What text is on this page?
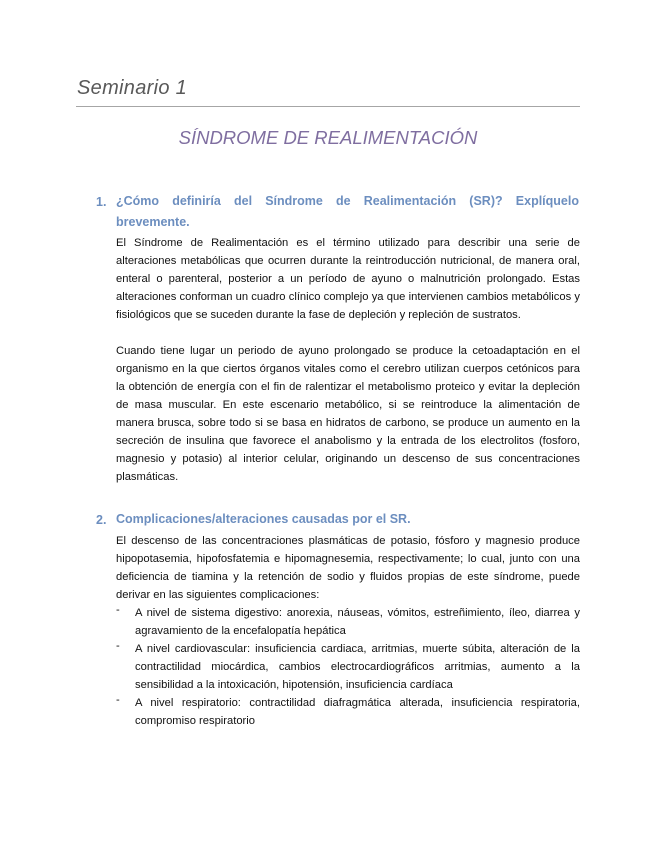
Seminario 1
SÍNDROME DE REALIMENTACIÓN
1. ¿Cómo definiría del Síndrome de Realimentación (SR)? Explíquelo brevemente.
El Síndrome de Realimentación es el término utilizado para describir una serie de alteraciones metabólicas que ocurren durante la reintroducción nutricional, de manera oral, enteral o parenteral, posterior a un período de ayuno o malnutrición prolongado. Estas alteraciones conforman un cuadro clínico complejo ya que intervienen cambios metabólicos y fisiológicos que se suceden durante la fase de depleción y repleción de sustratos.
Cuando tiene lugar un periodo de ayuno prolongado se produce la cetoadaptación en el organismo en la que ciertos órganos vitales como el cerebro utilizan cuerpos cetónicos para la obtención de energía con el fin de ralentizar el metabolismo proteico y evitar la depleción de masa muscular. En este escenario metabólico, si se reintroduce la alimentación de manera brusca, sobre todo si se basa en hidratos de carbono, se produce un aumento en la secreción de insulina que favorece el anabolismo y la entrada de los electrolitos (fosforo, magnesio y potasio) al interior celular, originando un descenso de sus concentraciones plasmáticas.
2. Complicaciones/alteraciones causadas por el SR.
El descenso de las concentraciones plasmáticas de potasio, fósforo y magnesio produce hipopotasemia, hipofosfatemia e hipomagnesemia, respectivamente; lo cual, junto con una deficiencia de tiamina y la retención de sodio y fluidos propias de este síndrome, puede derivar en las siguientes complicaciones:
- A nivel de sistema digestivo: anorexia, náuseas, vómitos, estreñimiento, íleo, diarrea y agravamiento de la encefalopatía hepática
- A nivel cardiovascular: insuficiencia cardiaca, arritmias, muerte súbita, alteración de la contractilidad miocárdica, cambios electrocardiográficos arritmias, aumento a la sensibilidad a la intoxicación, hipotensión, insuficiencia cardíaca
- A nivel respiratorio: contractilidad diafragmática alterada, insuficiencia respiratoria, compromiso respiratorio
